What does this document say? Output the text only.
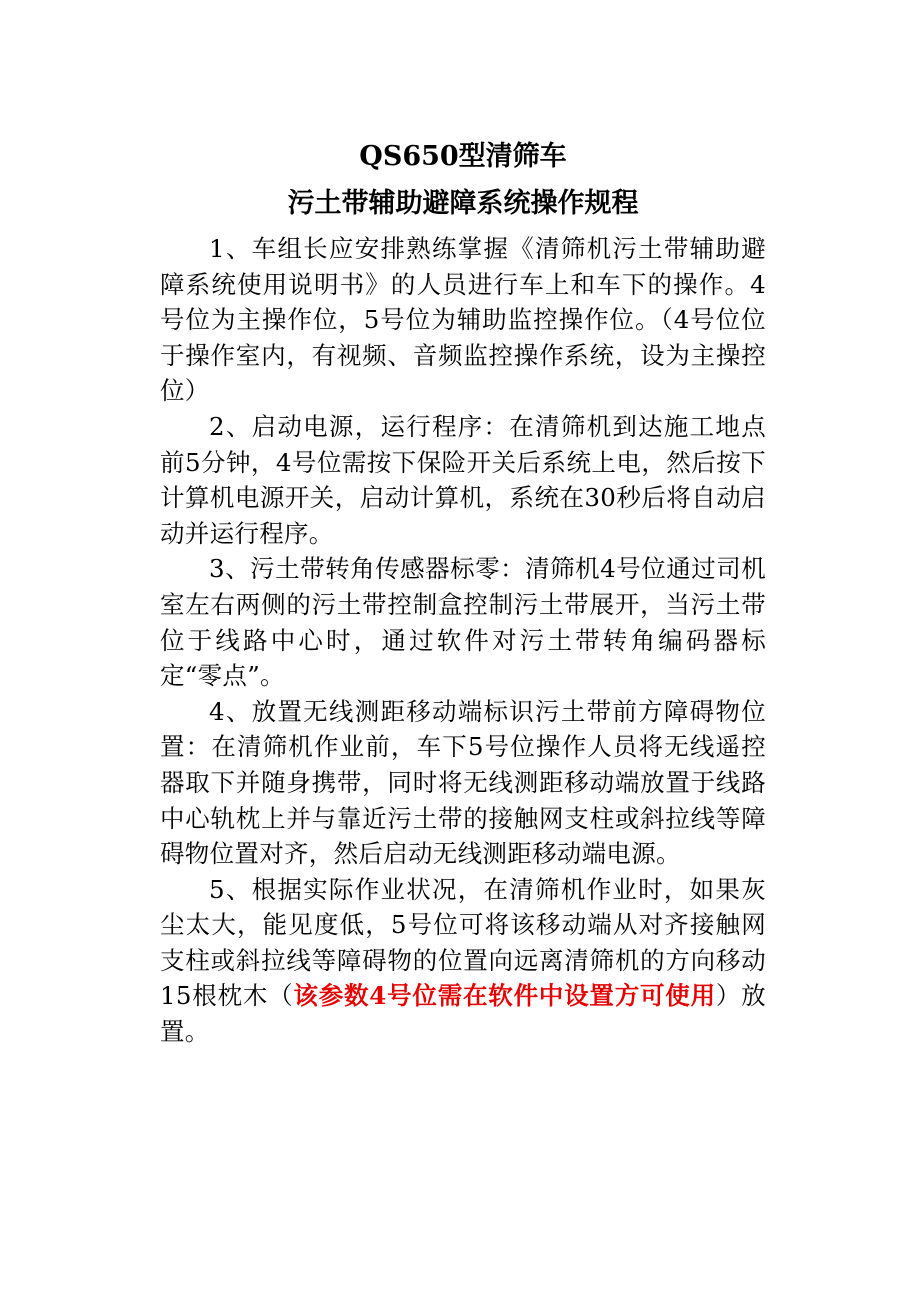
QS650型清筛车
污土带辅助避障系统操作规程

1、车组长应安排熟练掌握《清筛机污土带辅助避障系统使用说明书》的人员进行车上和车下的操作。4号位为主操作位，5号位为辅助监控操作位。（4号位位于操作室内，有视频、音频监控操作系统，设为主操控位）

2、启动电源，运行程序：在清筛机到达施工地点前5分钟，4号位需按下保险开关后系统上电，然后按下计算机电源开关，启动计算机，系统在30秒后将自动启动并运行程序。

3、污土带转角传感器标零：清筛机4号位通过司机室左右两侧的污土带控制盒控制污土带展开，当污土带位于线路中心时，通过软件对污土带转角编码器标定“零点”。

4、放置无线测距移动端标识污土带前方障碍物位置：在清筛机作业前，车下5号位操作人员将无线遥控器取下并随身携带，同时将无线测距移动端放置于线路中心轨枕上并与靠近污土带的接触网支柱或斜拉线等障碍物位置对齐，然后启动无线测距移动端电源。

5、根据实际作业状况，在清筛机作业时，如果灰尘太大，能见度低，5号位可将该移动端从对齐接触网支柱或斜拉线等障碍物的位置向远离清筛机的方向移动15根枕木（该参数4号位需在软件中设置方可使用）放置。
